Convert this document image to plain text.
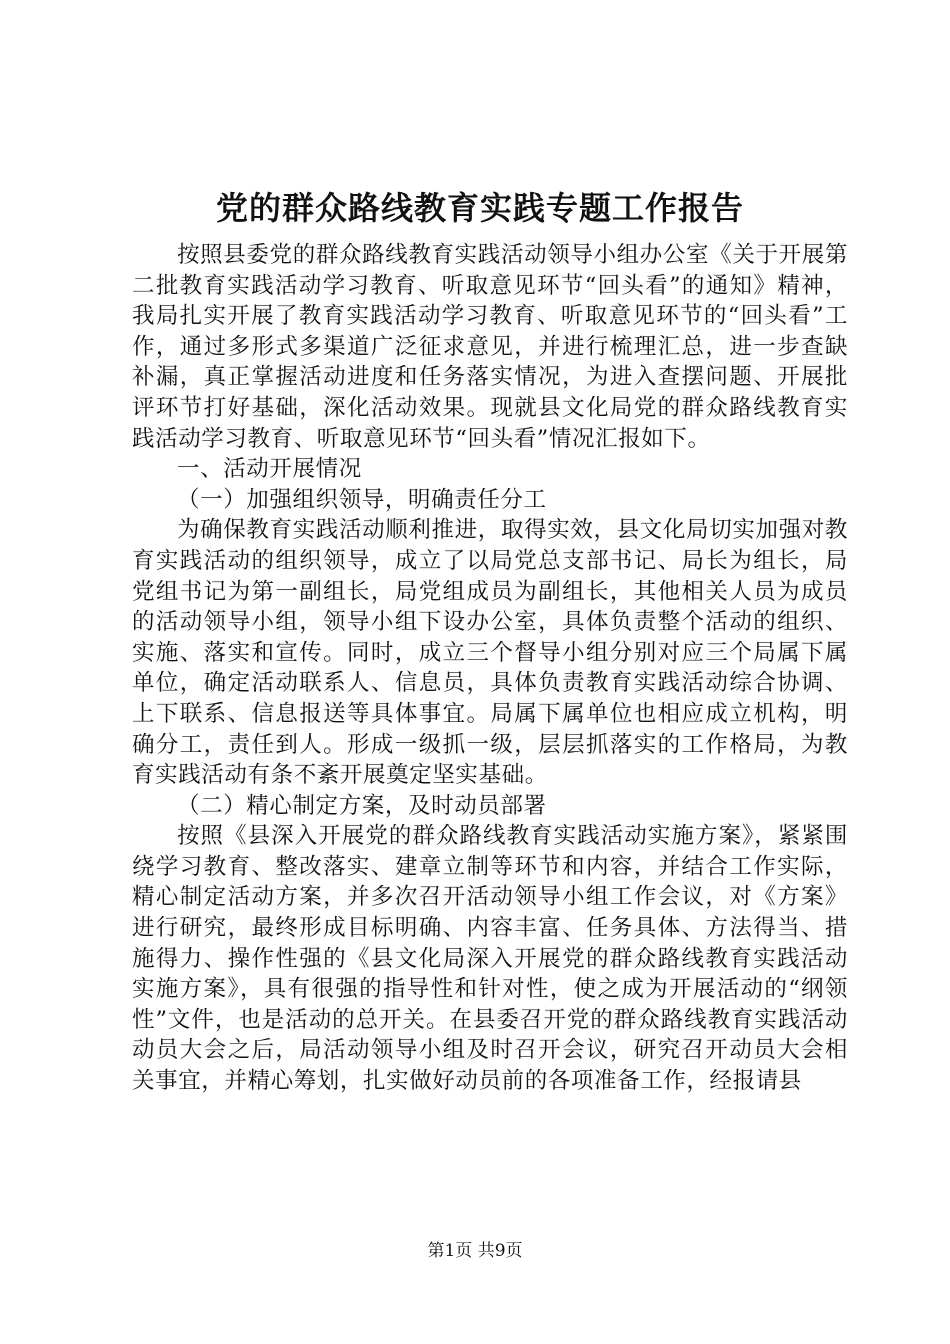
党的群众路线教育实践专题工作报告

按照县委党的群众路线教育实践活动领导小组办公室《关于开展第二批教育实践活动学习教育、听取意见环节“回头看”的通知》精神，我局扎实开展了教育实践活动学习教育、听取意见环节的“回头看”工作，通过多形式多渠道广泛征求意见，并进行梳理汇总，进一步查缺补漏，真正掌握活动进度和任务落实情况，为进入查摆问题、开展批评环节打好基础，深化活动效果。现就县文化局党的群众路线教育实践活动学习教育、听取意见环节“回头看”情况汇报如下。

一、活动开展情况

（一）加强组织领导，明确责任分工

为确保教育实践活动顺利推进，取得实效，县文化局切实加强对教育实践活动的组织领导，成立了以局党总支部书记、局长为组长，局党组书记为第一副组长，局党组成员为副组长，其他相关人员为成员的活动领导小组，领导小组下设办公室，具体负责整个活动的组织、实施、落实和宣传。同时，成立三个督导小组分别对应三个局属下属单位，确定活动联系人、信息员，具体负责教育实践活动综合协调、上下联系、信息报送等具体事宜。局属下属单位也相应成立机构，明确分工，责任到人。形成一级抓一级，层层抓落实的工作格局，为教育实践活动有条不紊开展奠定坚实基础。

（二）精心制定方案，及时动员部署

按照《县深入开展党的群众路线教育实践活动实施方案》，紧紧围绕学习教育、整改落实、建章立制等环节和内容，并结合工作实际，精心制定活动方案，并多次召开活动领导小组工作会议，对《方案》进行研究，最终形成目标明确、内容丰富、任务具体、方法得当、措施得力、操作性强的《县文化局深入开展党的群众路线教育实践活动实施方案》，具有很强的指导性和针对性，使之成为开展活动的“纲领性”文件，也是活动的总开关。在县委召开党的群众路线教育实践活动动员大会之后，局活动领导小组及时召开会议，研究召开动员大会相关事宜，并精心筹划，扎实做好动员前的各项准备工作，经报请县

第1页 共9页
